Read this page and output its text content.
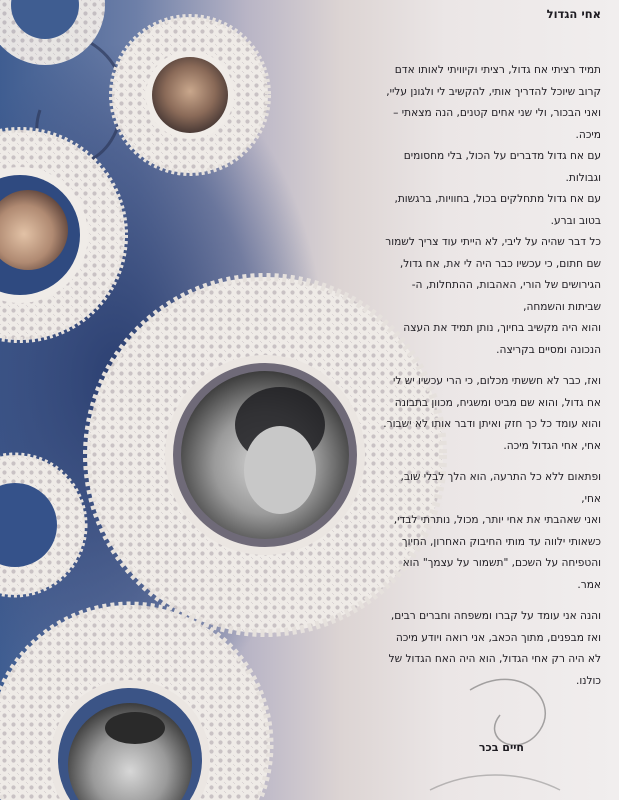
אחי הגדול

תמיד רציתי אח גדול, רציתי וקיוויתי לאותו אדם

קרוב שיוכל להדריך אותי, להקשיב לי ולגונן עליי,

ואני הבכור, ולי שני אחים קטנים, הנה מצאתי –

מיכה.

עם אח גדול מדברים על הכול, בלי מחסומים

וגבולות.

עם אח גדול מתחלקים בכול, בחוויות, ברגשות,

בטוב וברע.

כל דבר שהיה על ליבי, לא הייתי עוד צריך לשמור

שם חתום, כי עכשיו כבר היה לי את, אח גדול,

הגירושים של הורי, האהבות, ההתחלות, ה-

שביתות והשמחה,

והוא היה מקשיב בחיוך, נותן תמיד את העצה

הנכונה ומסיים בקריצה.

ואז, כבר לא חששתי מכלום, כי הרי עכשיו יש לי

אח גדול, והוא שם מביט ומשגיח, מכוון בתבונה

והוא עומד כל כך חזק ואיתן ודבר אותו לא ישבור.

אחי, אחי הגדול מיכה.

ופתאום ללא כל התרעה, הוא הלך לבלי שוב,

אחי,

ואני שאהבתי את אחי יותר, מכול, נותרתי לבדי,

כשאותי ילווה עד מותי החיבוק האחרון, החיוך

והטפיחה על השכם, "תשמור על עצמך" הוא

אמר.

והנה אני עומד על קברו ומשפחה וחברים רבים,

ואז מבפנים, מתוך הכאב, אני רואה ויודע מיכה

לא היה רק אחי הגדול, הוא היה האח הגדול של

כולנו.

חיים בכר
